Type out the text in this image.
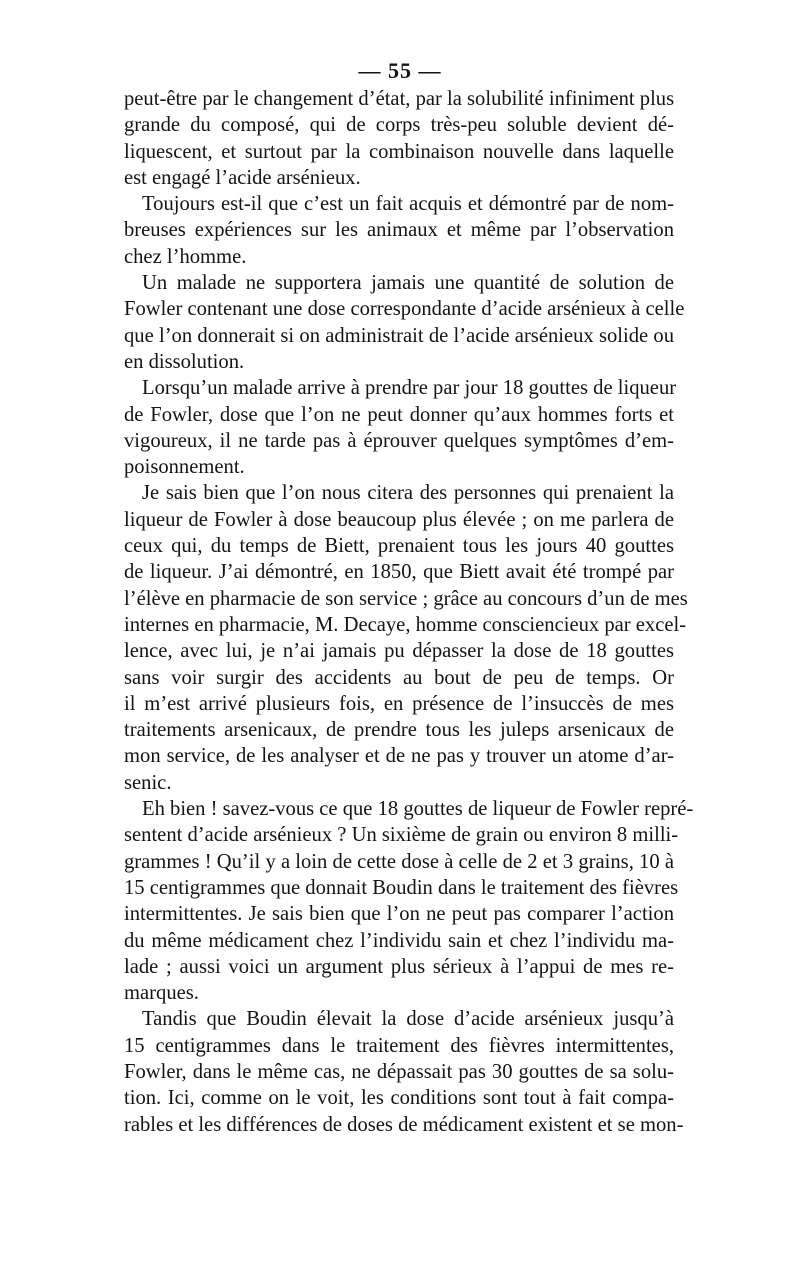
— 55 —

peut-être par le changement d’état, par la solubilité infiniment plus
grande du composé, qui de corps très-peu soluble devient dé-
liquescent, et surtout par la combinaison nouvelle dans laquelle
est engagé l’acide arsénieux.

Toujours est-il que c’est un fait acquis et démontré par de nom-
breuses expériences sur les animaux et même par l’observation
chez l’homme.

Un malade ne supportera jamais une quantité de solution de
Fowler contenant une dose correspondante d’acide arsénieux à celle
que l’on donnerait si on administrait de l’acide arsénieux solide ou
en dissolution.

Lorsqu’un malade arrive à prendre par jour 18 gouttes de liqueur
de Fowler, dose que l’on ne peut donner qu’aux hommes forts et
vigoureux, il ne tarde pas à éprouver quelques symptômes d’em-
poisonnement.

Je sais bien que l’on nous citera des personnes qui prenaient la
liqueur de Fowler à dose beaucoup plus élevée ; on me parlera de
ceux qui, du temps de Biett, prenaient tous les jours 40 gouttes
de liqueur. J’ai démontré, en 1850, que Biett avait été trompé par
l’élève en pharmacie de son service ; grâce au concours d’un de mes
internes en pharmacie, M. Decaye, homme consciencieux par excel-
lence, avec lui, je n’ai jamais pu dépasser la dose de 18 gouttes
sans voir surgir des accidents au bout de peu de temps. Or
il m’est arrivé plusieurs fois, en présence de l’insuccès de mes
traitements arsenicaux, de prendre tous les juleps arsenicaux de
mon service, de les analyser et de ne pas y trouver un atome d’ar-
senic.

Eh bien ! savez-vous ce que 18 gouttes de liqueur de Fowler repré-
sentent d’acide arsénieux ? Un sixième de grain ou environ 8 milli-
grammes ! Qu’il y a loin de cette dose à celle de 2 et 3 grains, 10 à
15 centigrammes que donnait Boudin dans le traitement des fièvres
intermittentes. Je sais bien que l’on ne peut pas comparer l’action
du même médicament chez l’individu sain et chez l’individu ma-
lade ; aussi voici un argument plus sérieux à l’appui de mes re-
marques.

Tandis que Boudin élevait la dose d’acide arsénieux jusqu’à
15 centigrammes dans le traitement des fièvres intermittentes,
Fowler, dans le même cas, ne dépassait pas 30 gouttes de sa solu-
tion. Ici, comme on le voit, les conditions sont tout à fait compa-
rables et les différences de doses de médicament existent et se mon-
